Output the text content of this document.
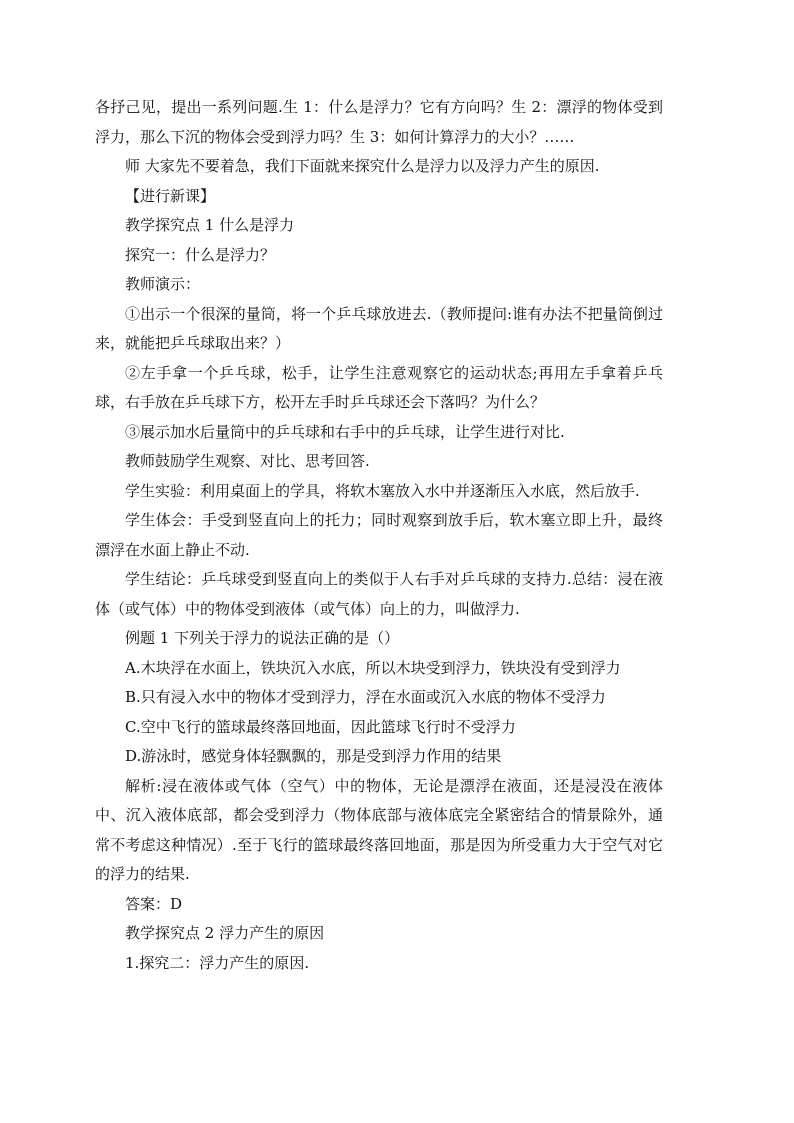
各抒己见，提出一系列问题.生 1：什么是浮力？它有方向吗？生 2：漂浮的物体受到浮力，那么下沉的物体会受到浮力吗？生 3：如何计算浮力的大小？……

师 大家先不要着急，我们下面就来探究什么是浮力以及浮力产生的原因.

【进行新课】

教学探究点 1 什么是浮力

探究一：什么是浮力？

教师演示：

①出示一个很深的量筒，将一个乒乓球放进去.（教师提问:谁有办法不把量筒倒过来，就能把乒乓球取出来？）

②左手拿一个乒乓球，松手，让学生注意观察它的运动状态;再用左手拿着乒乓球，右手放在乒乓球下方，松开左手时乒乓球还会下落吗？为什么？

③展示加水后量筒中的乒乓球和右手中的乒乓球，让学生进行对比.

教师鼓励学生观察、对比、思考回答.

学生实验：利用桌面上的学具，将软木塞放入水中并逐渐压入水底，然后放手.

学生体会：手受到竖直向上的托力；同时观察到放手后，软木塞立即上升，最终漂浮在水面上静止不动.

学生结论：乒乓球受到竖直向上的类似于人右手对乒乓球的支持力.总结：浸在液体（或气体）中的物体受到液体（或气体）向上的力，叫做浮力.

例题 1 下列关于浮力的说法正确的是（）

A.木块浮在水面上，铁块沉入水底，所以木块受到浮力，铁块没有受到浮力

B.只有浸入水中的物体才受到浮力，浮在水面或沉入水底的物体不受浮力

C.空中飞行的篮球最终落回地面，因此篮球飞行时不受浮力

D.游泳时，感觉身体轻飘飘的，那是受到浮力作用的结果

解析:浸在液体或气体（空气）中的物体，无论是漂浮在液面，还是浸没在液体中、沉入液体底部，都会受到浮力（物体底部与液体底完全紧密结合的情景除外，通常不考虑这种情况）.至于飞行的篮球最终落回地面，那是因为所受重力大于空气对它的浮力的结果.

答案：D

教学探究点 2 浮力产生的原因

1.探究二：浮力产生的原因.
